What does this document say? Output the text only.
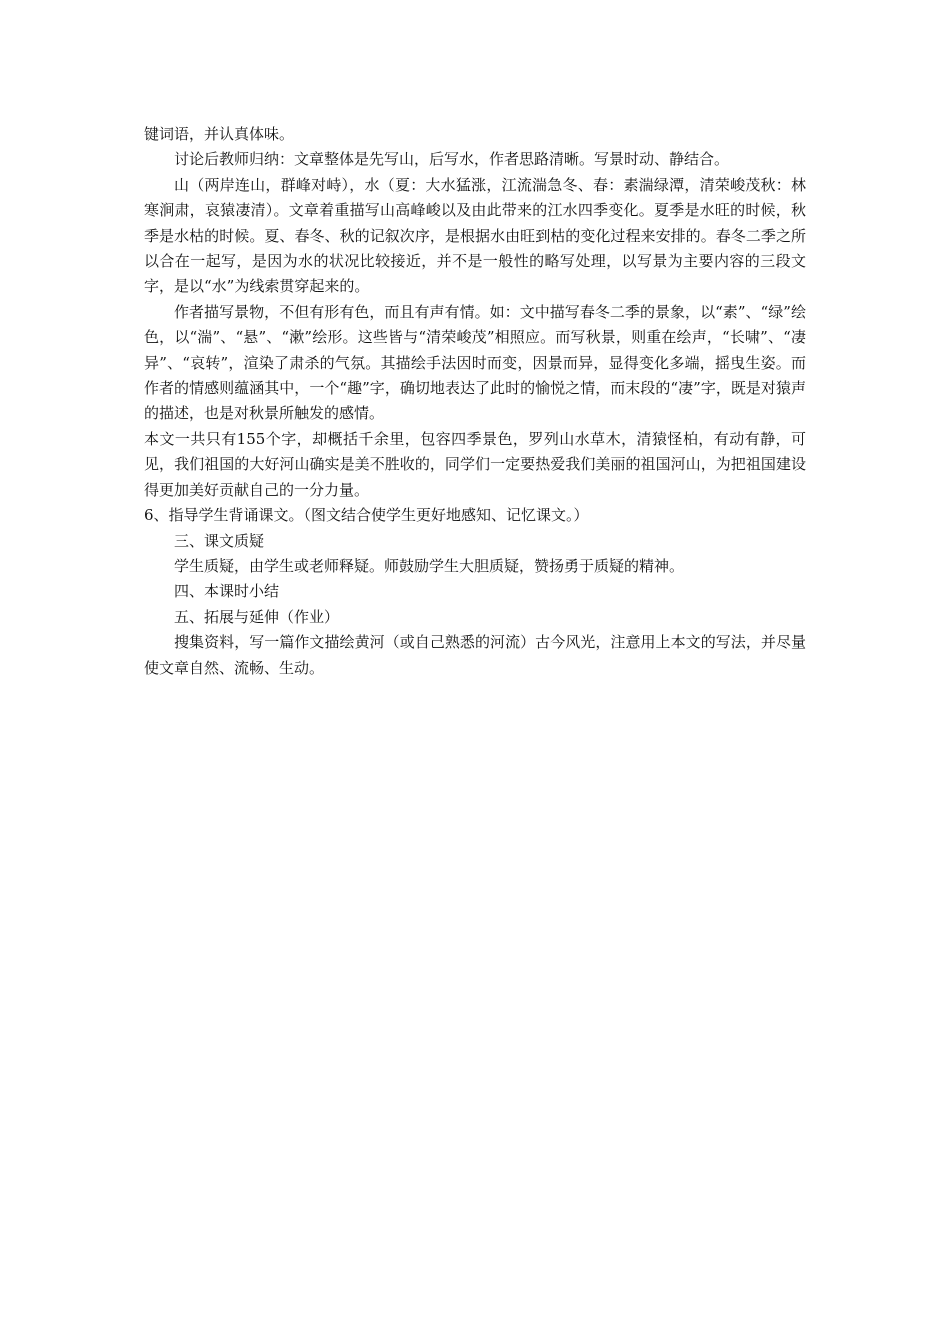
键词语，并认真体味。

讨论后教师归纳：文章整体是先写山，后写水，作者思路清晰。写景时动、静结合。

山（两岸连山，群峰对峙），水（夏：大水猛涨，江流湍急冬、春：素湍绿潭，清荣峻茂秋：林寒涧肃，哀猿凄清）。文章着重描写山高峰峻以及由此带来的江水四季变化。夏季是水旺的时候，秋季是水枯的时候。夏、春冬、秋的记叙次序，是根据水由旺到枯的变化过程来安排的。春冬二季之所以合在一起写，是因为水的状况比较接近，并不是一般性的略写处理，以写景为主要内容的三段文字，是以“水”为线索贯穿起来的。

作者描写景物，不但有形有色，而且有声有情。如：文中描写春冬二季的景象，以“素”、“绿”绘色，以“湍”、“悬”、“漱”绘形。这些皆与“清荣峻茂”相照应。而写秋景，则重在绘声，“长啸”、“凄异”、“哀转”，渲染了肃杀的气氛。其描绘手法因时而变，因景而异，显得变化多端，摇曳生姿。而作者的情感则蕴涵其中，一个“趣”字，确切地表达了此时的愉悦之情，而末段的“凄”字，既是对猿声的描述，也是对秋景所触发的感情。

本文一共只有155个字，却概括千余里，包容四季景色，罗列山水草木，清猿怪柏，有动有静，可见，我们祖国的大好河山确实是美不胜收的，同学们一定要热爱我们美丽的祖国河山，为把祖国建设得更加美好贡献自己的一分力量。

6、指导学生背诵课文。（图文结合使学生更好地感知、记忆课文。）

三、课文质疑

学生质疑，由学生或老师释疑。师鼓励学生大胆质疑，赞扬勇于质疑的精神。

四、本课时小结

五、拓展与延伸（作业）

搜集资料，写一篇作文描绘黄河（或自己熟悉的河流）古今风光，注意用上本文的写法，并尽量使文章自然、流畅、生动。
